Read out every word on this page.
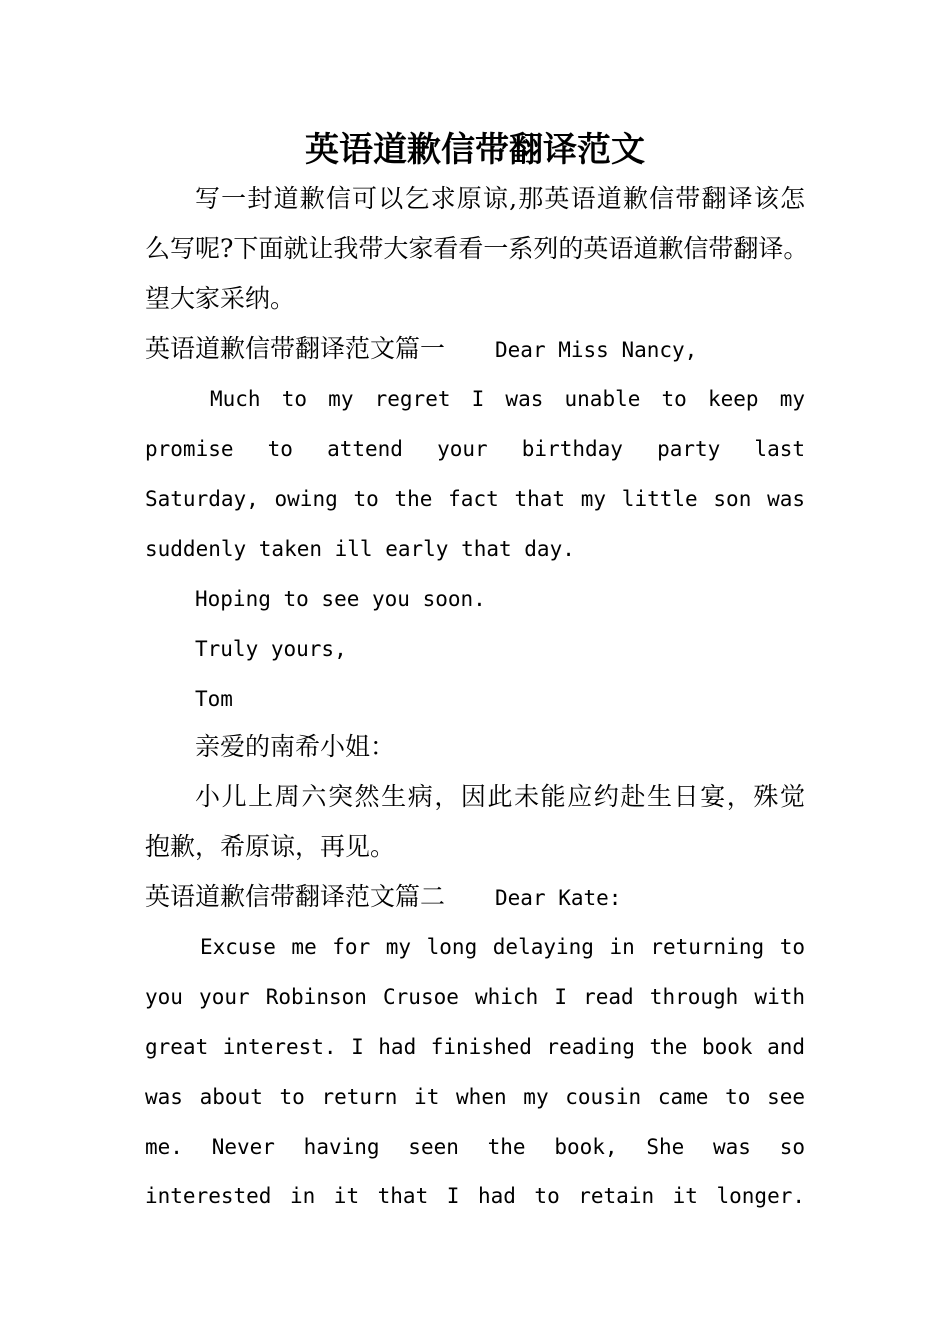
英语道歉信带翻译范文
写一封道歉信可以乞求原谅,那英语道歉信带翻译该怎
么写呢?下面就让我带大家看看一系列的英语道歉信带翻译。
望大家采纳。
英语道歉信带翻译范文篇一 Dear Miss Nancy,
Much to my regret I was unable to keep my
promise to attend your birthday party last
Saturday, owing to the fact that my little son was
suddenly taken ill early that day.
Hoping to see you soon.
Truly yours,
Tom
亲爱的南希小姐：
小儿上周六突然生病，因此未能应约赴生日宴，殊觉
抱歉，希原谅，再见。
英语道歉信带翻译范文篇二 Dear Kate:
Excuse me for my long delaying in returning to
you your Robinson Crusoe which I read through with
great interest. I had finished reading the book and
was about to return it when my cousin came to see
me. Never having seen the book, She was so
interested in it that I had to retain it longer.
